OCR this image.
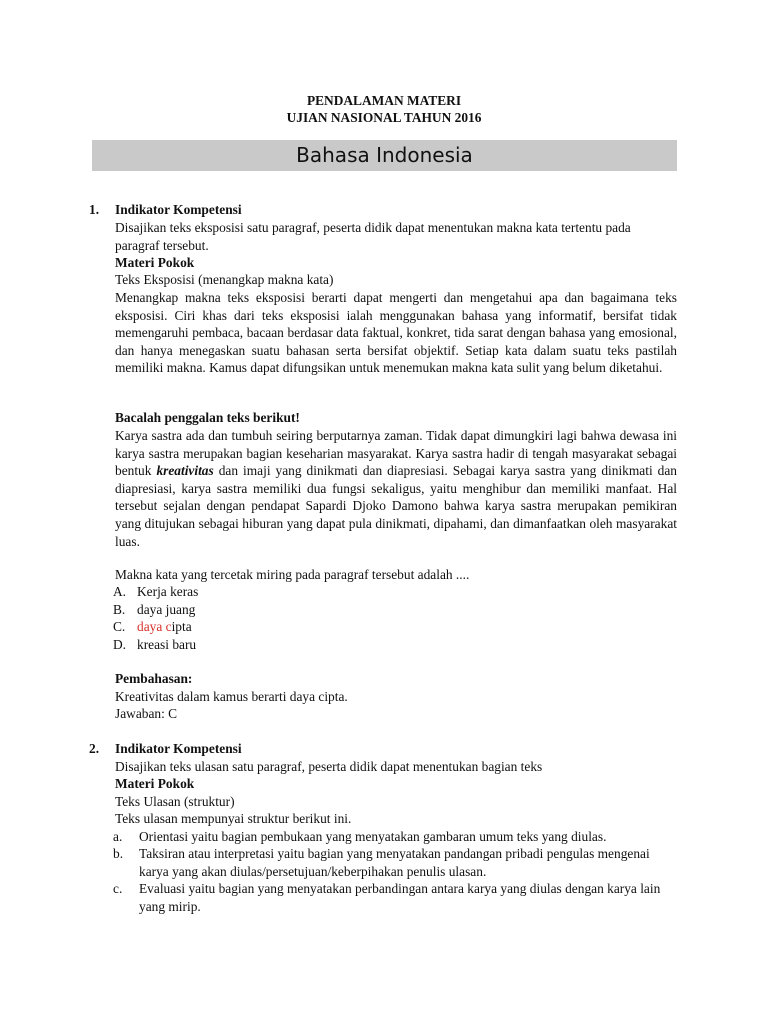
PENDALAMAN MATERI
UJIAN NASIONAL TAHUN 2016
Bahasa Indonesia
1. Indikator Kompetensi
Disajikan teks eksposisi satu paragraf, peserta didik dapat menentukan makna kata tertentu pada paragraf tersebut.
Materi Pokok
Teks Eksposisi (menangkap makna kata)
Menangkap makna teks eksposisi berarti dapat mengerti dan mengetahui apa dan bagaimana teks eksposisi. Ciri khas dari teks eksposisi ialah menggunakan bahasa yang informatif, bersifat tidak memengaruhi pembaca, bacaan berdasar data faktual, konkret, tida sarat dengan bahasa yang emosional, dan hanya menegaskan suatu bahasan serta bersifat objektif. Setiap kata dalam suatu teks pastilah memiliki makna. Kamus dapat difungsikan untuk menemukan makna kata sulit yang belum diketahui.
Bacalah penggalan teks berikut!
Karya sastra ada dan tumbuh seiring berputarnya zaman. Tidak dapat dimungkiri lagi bahwa dewasa ini karya sastra merupakan bagian keseharian masyarakat. Karya sastra hadir di tengah masyarakat sebagai bentuk kreativitas dan imaji yang dinikmati dan diapresiasi. Sebagai karya sastra yang dinikmati dan diapresiasi, karya sastra memiliki dua fungsi sekaligus, yaitu menghibur dan memiliki manfaat. Hal tersebut sejalan dengan pendapat Sapardi Djoko Damono bahwa karya sastra merupakan pemikiran yang ditujukan sebagai hiburan yang dapat pula dinikmati, dipahami, dan dimanfaatkan oleh masyarakat luas.
Makna kata yang tercetak miring pada paragraf tersebut adalah ....
A. Kerja keras
B. daya juang
C. daya cipta
D. kreasi baru
Pembahasan:
Kreativitas dalam kamus berarti daya cipta.
Jawaban: C
2. Indikator Kompetensi
Disajikan teks ulasan satu paragraf, peserta didik dapat menentukan bagian teks
Materi Pokok
Teks Ulasan (struktur)
Teks ulasan mempunyai struktur berikut ini.
a. Orientasi yaitu bagian pembukaan yang menyatakan gambaran umum teks yang diulas.
b. Taksiran atau interpretasi yaitu bagian yang menyatakan pandangan pribadi pengulas mengenai karya yang akan diulas/persetujuan/keberpihakan penulis ulasan.
c. Evaluasi yaitu bagian yang menyatakan perbandingan antara karya yang diulas dengan karya lain yang mirip.
